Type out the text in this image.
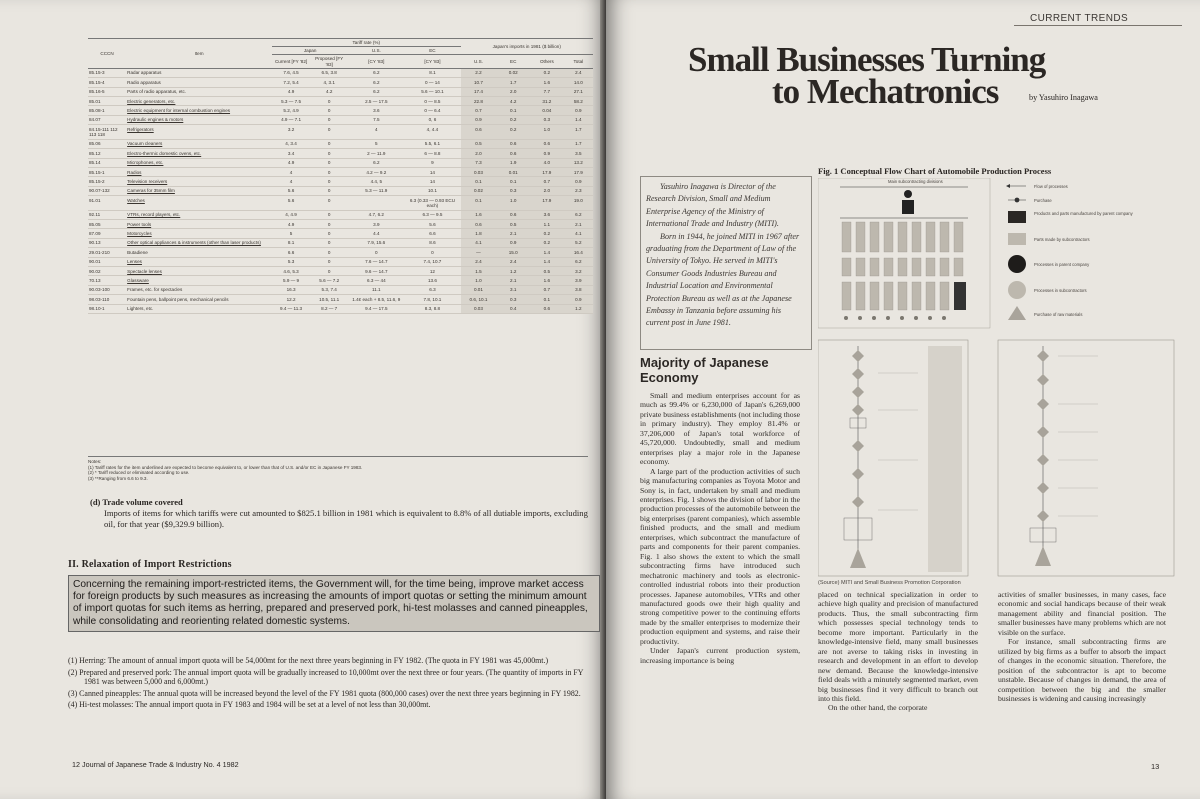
CCCN	Item	Tariff rate (%)				Japan's imports in 1981 ($ billion)			
		Japan		U.S.	EC				
		Current [FY '82]	Proposed [FY '83]	[CY '83]	[CY '83]	U.S.	EC	Others	Total
85.15-3	Radar apparatus	7.6, 4.5	6.5, 3.8	6.2	8.1	2.2	0.02	0.2	2.4
85.15-4	Radio apparatus	7.2, 5.4	4, 3.1	6.2	0 — 14	10.7	1.7	1.6	14.0
85.16-5	Parts of radio apparatus, etc.	4.9	4.2	6.2	5.6 — 10.1	17.4	2.0	7.7	27.1
85.01	Electric generators, etc.	5.3 — 7.5	0	2.5 — 17.5	0 — 8.5	22.8	4.2	31.2	58.2
85.08-1	Electric equipment for internal combustion engines	5.2, 4.9	0	3.6	0 — 6.4	0.7	0.1	0.04	0.9
84.07	Hydraulic engines & motors	4.9 — 7.1	0	7.5	0, 6	0.9	0.2	0.3	1.4
84.15-111 112 113 118	Refrigerators	3.2	0	4	4, 4.4	0.6	0.2	1.0	1.7
85.06	Vacuum cleaners	4, 3.4	0	5	5.5, 6.1	0.5	0.6	0.6	1.7
85.12	Electro-thermic domestic ovens, etc.	3.4	0	2 — 11.9	6 — 8.8	2.0	0.6	0.9	3.5
85.14	Microphones, etc.	4.9	0	6.2	9	7.3	1.9	4.0	13.2
85.15-1	Radios	4	0	4.2 — 9.2	14	0.03	0.01	17.9	17.9
85.15-2	Television receivers	4	0	4.4, 5	14	0.1	0.1	0.7	0.9
90.07-132	Cameras for 35mm film	5.6	0	5.3 — 11.9	10.1	0.02	0.3	2.0	2.3
91.01	Watches	5.6	0		6.3 (0.33 — 0.93 ECU each)	0.1	1.0	17.9	19.0
92.11	VTRs, record players, etc.	4, 4.9	0	4.7, 6.2	6.3 — 9.5	1.6	0.6	3.6	6.2
85.05	Power tools	4.9	0	3.9	5.6	0.6	0.5	1.1	2.1
87.09	Motorcycles	5	0	4.4	6.6	1.8	2.1	0.2	4.1
90.13	Other optical appliances & instruments (other than laser products)	8.1	0	7.9, 15.6	8.6	4.1	0.9	0.2	5.2
29.01-210	Butadiene	6.6	0	0	0	—	15.0	1.4	16.4
90.01	Lenses	5.3	0	7.6 — 14.7	7.4, 10.7	2.4	2.4	1.4	6.2
90.02	Spectacle lenses	4.6, 5.3	0	9.6 — 14.7	12	1.5	1.2	0.5	3.2
70.13	Glassware	5.9 — 9	5.6 — 7.2	6.3 — 44	13.6	1.0	2.1	1.6	3.9
90.03-100	Frames, etc. for spectacles	16.3	5.3, 7.4	11.1	6.3	0.01	3.1	0.7	3.8
98.03-110	Fountain pens, ballpoint pens, mechanical pencils	12.2	10.5, 11.1	1.4¢ each + 8.5, 11.6, 9	7.8, 10.1	0.6, 10.1	0.3	0.1	0.9
98.10-1	Lighters, etc.	9.4 — 11.3	8.2 — 7	9.4 — 17.5	8.3, 8.8	0.03	0.4	0.6	1.2
Notes:
(1) Tariff rates for the item underlined are expected to become equivalent to, or lower than that of U.S. and/or EC in Japanese FY 1983.
(2) * Tariff reduced or eliminated according to use.
(3) **Ranging from 6.6 to 9.3.
(d) Trade volume covered
Imports of items for which tariffs were cut amounted to $825.1 billion in 1981 which is equivalent to 8.8% of all dutiable imports, excluding oil, for that year ($9,329.9 billion).
II. Relaxation of Import Restrictions
Concerning the remaining import-restricted items, the Government will, for the time being, improve market access for foreign products by such measures as increasing the amounts of import quotas or setting the minimum amount of import quotas for such items as herring, prepared and preserved pork, hi-test molasses and canned pineapples, while consolidating and reorienting related domestic systems.
(1) Herring: The amount of annual import quota will be 54,000mt for the next three years beginning in FY 1982. (The quota in FY 1981 was 45,000mt.)
(2) Prepared and preserved pork: The annual import quota will be gradually increased to 10,000mt over the next three or four years. (The quantity of imports in FY 1981 was between 5,000 and 6,000mt.)
(3) Canned pineapples: The annual quota will be increased beyond the level of the FY 1981 quota (800,000 cases) over the next three years beginning in FY 1982.
(4) Hi-test molasses: The annual import quota in FY 1983 and 1984 will be set at a level of not less than 30,000mt.
12 Journal of Japanese Trade & Industry No. 4 1982
CURRENT TRENDS
Small Businesses Turning
to Mechatronics	by Yasuhiro Inagawa

Yasuhiro Inagawa is Director of the Research Division, Small and Medium Enterprise Agency of the Ministry of International Trade and Industry (MITI).

Born in 1944, he joined MITI in 1967 after graduating from the Department of Law of the University of Tokyo. He served in MITI's Consumer Goods Industries Bureau and Industrial Location and Environmental Protection Bureau as well as at the Japanese Embassy in Tanzania before assuming his current post in June 1981.

Majority of Japanese Economy

Small and medium enterprises account for as much as 99.4% or 6,230,000 of Japan's 6,269,000 private business establishments (not including those in primary industry). They employ 81.4% or 37,206,000 of Japan's total workforce of 45,720,000. Undoubtedly, small and medium enterprises play a major role in the Japanese economy.

A large part of the production activities of such big manufacturing companies as Toyota Motor and Sony is, in fact, undertaken by small and medium enterprises. Fig. 1 shows the division of labor in the production processes of the automobile between the big enterprises (parent companies), which assemble finished products, and the small and medium enterprises, which subcontract the manufacture of parts and components for their parent companies. Fig. 1 also shows the extent to which the small subcontracting firms have introduced such mechatronic machinery and tools as electronic-controlled industrial robots into their production processes. Japanese automobiles, VTRs and other manufactured goods owe their high quality and strong competitive power to the continuing efforts made by the smaller enterprises to modernize their production equipment and systems, and raise their productivity.

Under Japan's current production system, increasing importance is being

placed on technical specialization in order to achieve high quality and precision of manufactured products. Thus, the small subcontracting firm which possesses special technology tends to become more important. Particularly in the knowledge-intensive field, many small businesses are not averse to taking risks in investing in research and development in an effort to develop new demand. Because the knowledge-intensive field deals with a minutely segmented market, even big businesses find it very difficult to branch out into this field.

On the other hand, the corporate

activities of smaller businesses, in many cases, face economic and social handicaps because of their weak management ability and financial position. The smaller businesses have many problems which are not visible on the surface.

For instance, small subcontracting firms are utilized by big firms as a buffer to absorb the impact of changes in the economic situation. Therefore, the position of the subcontractor is apt to become unstable. Because of changes in demand, the area of competition between the big and the smaller businesses is widening and causing increasingly

Fig. 1 Conceptual Flow Chart of Automobile Production Process
Main subcontracting divisions
Flow of processes
Purchase
Products and parts manufactured by parent company
Parts made by subcontractors
Processes in parent company
Processes in subcontractors
Purchase of raw materials
(Source) MITI and Small Business Promotion Corporation
13
